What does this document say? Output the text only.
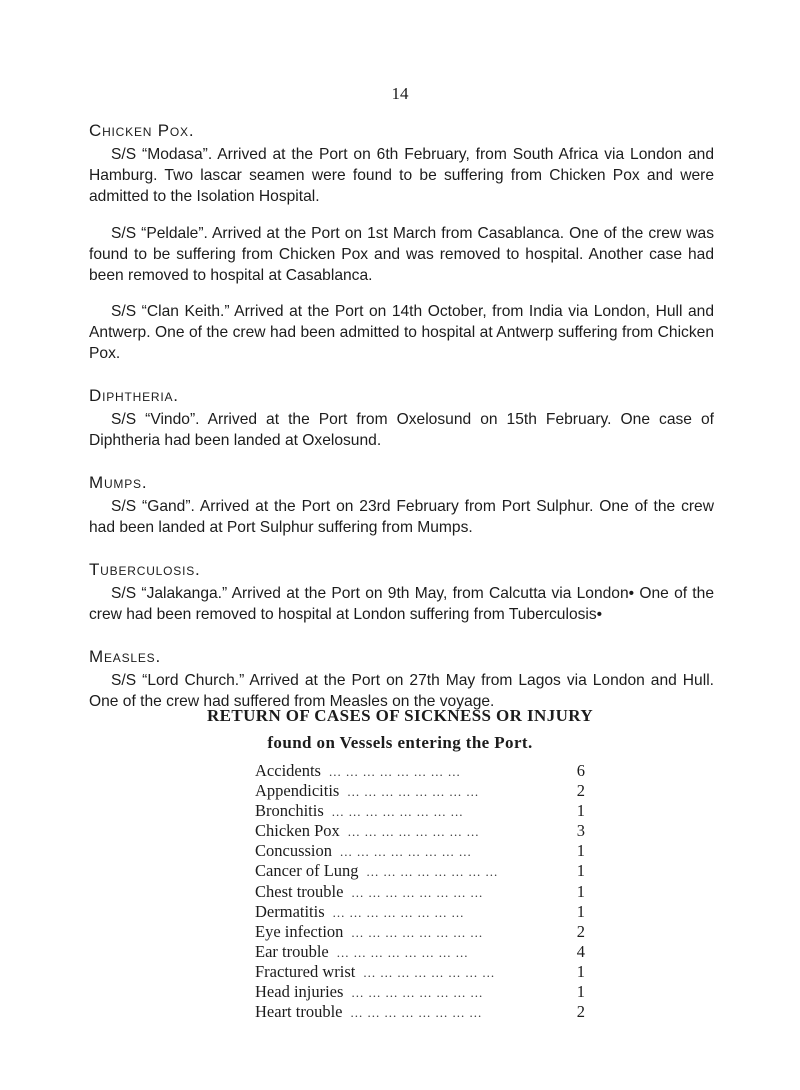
14
Chicken Pox.

S/S “Modasa”. Arrived at the Port on 6th February, from South Africa via London and Hamburg. Two lascar seamen were found to be suffering from Chicken Pox and were admitted to the Isolation Hospital.

S/S “Peldale”. Arrived at the Port on 1st March from Casablanca. One of the crew was found to be suffering from Chicken Pox and was removed to hospital. Another case had been removed to hospital at Casablanca.

S/S “Clan Keith.” Arrived at the Port on 14th October, from India via London, Hull and Antwerp. One of the crew had been admitted to hospital at Antwerp suffering from Chicken Pox.

Diphtheria.

S/S “Vindo”. Arrived at the Port from Oxelosund on 15th February. One case of Diphtheria had been landed at Oxelosund.

Mumps.

S/S “Gand”. Arrived at the Port on 23rd February from Port Sulphur. One of the crew had been landed at Port Sulphur suffering from Mumps.

Tuberculosis.

S/S “Jalakanga.” Arrived at the Port on 9th May, from Calcutta via London• One of the crew had been removed to hospital at London suffering from Tuberculosis•

Measles.

S/S “Lord Church.” Arrived at the Port on 27th May from Lagos via London and Hull. One of the crew had suffered from Measles on the voyage.

RETURN OF CASES OF SICKNESS OR INJURY
found on Vessels entering the Port.
Accidents ... ... ... ... ... ... ... ...	6
Appendicitis ... ... ... ... ... ... ... ...	2
Bronchitis ... ... ... ... ... ... ... ...	1
Chicken Pox ... ... ... ... ... ... ... ...	3
Concussion ... ... ... ... ... ... ... ...	1
Cancer of Lung ... ... ... ... ... ... ... ...	1
Chest trouble ... ... ... ... ... ... ... ...	1
Dermatitis ... ... ... ... ... ... ... ...	1
Eye infection ... ... ... ... ... ... ... ...	2
Ear trouble ... ... ... ... ... ... ... ...	4
Fractured wrist ... ... ... ... ... ... ... ...	1
Head injuries ... ... ... ... ... ... ... ...	1
Heart trouble ... ... ... ... ... ... ... ...	2
